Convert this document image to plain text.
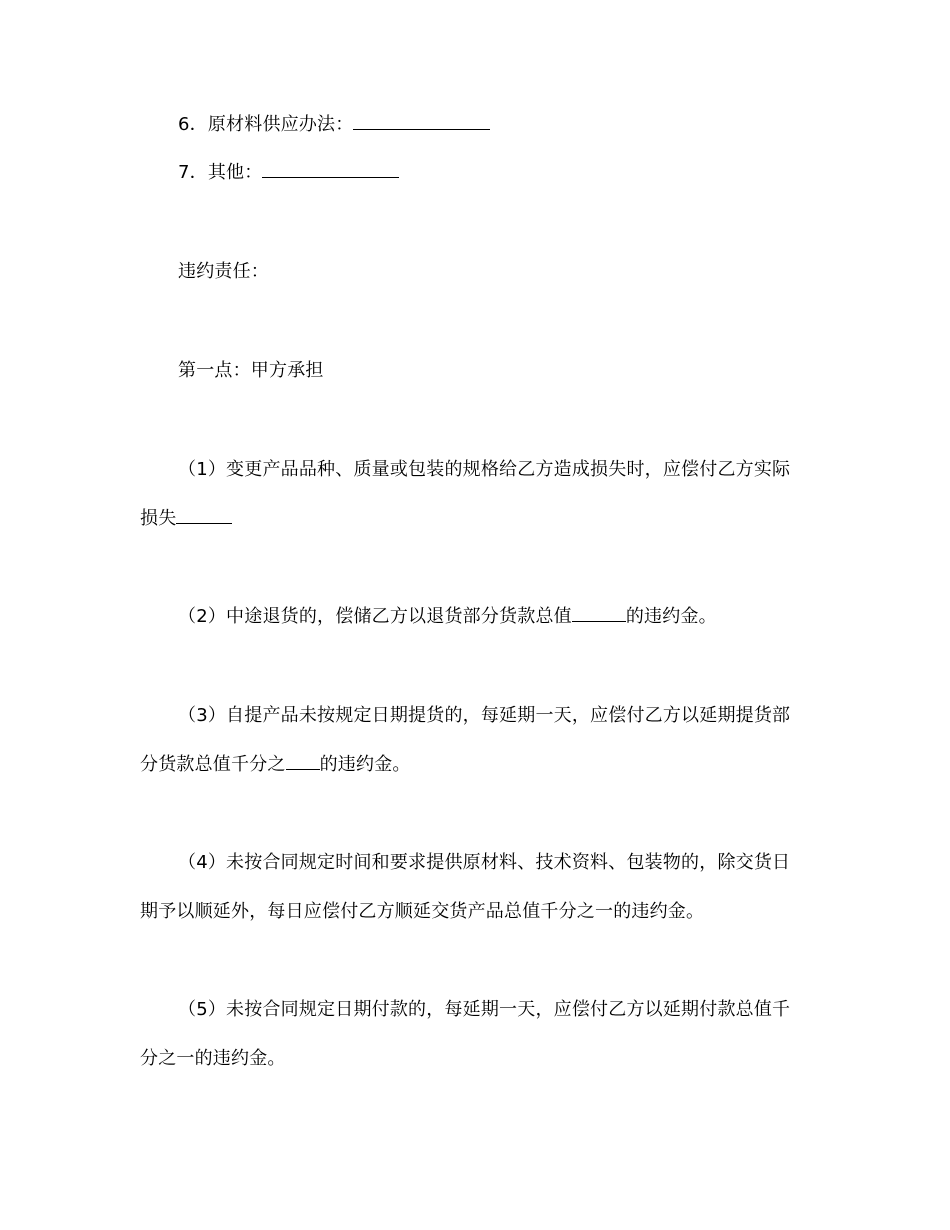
6．原材料供应办法：
7．其他：
违约责任：
第一点：甲方承担
（1）变更产品品种、质量或包装的规格给乙方造成损失时，应偿付乙方实际
损失
（2）中途退货的，偿储乙方以退货部分货款总值	的违约金。
（3）自提产品未按规定日期提货的，每延期一天，应偿付乙方以延期提货部
分货款总值千分之 的违约金。
（4）未按合同规定时间和要求提供原材料、技术资料、包装物的，除交货日
期予以顺延外，每日应偿付乙方顺延交货产品总值千分之一的违约金。
（5）未按合同规定日期付款的，每延期一天，应偿付乙方以延期付款总值千
分之一的违约金。
